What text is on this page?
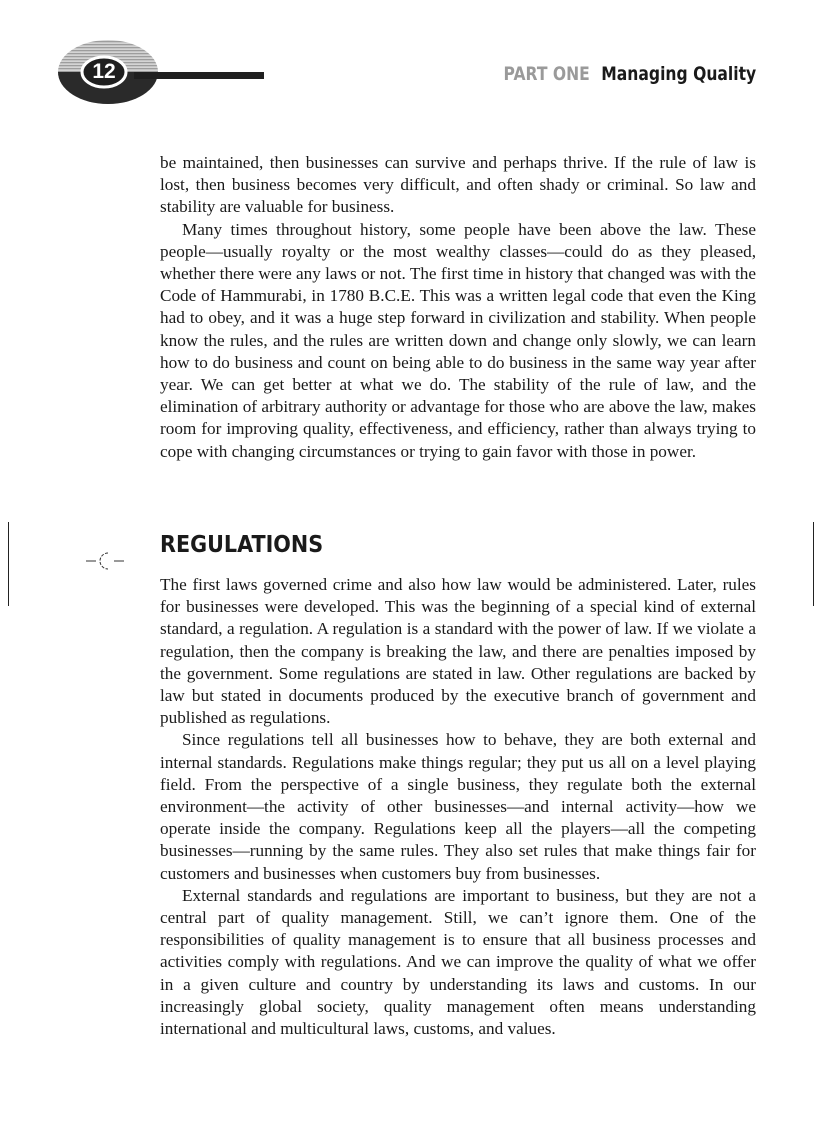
12	PART ONE Managing Quality

be maintained, then businesses can survive and perhaps thrive. If the rule of law is lost, then business becomes very difficult, and often shady or criminal. So law and stability are valuable for business.

Many times throughout history, some people have been above the law. These people—usually royalty or the most wealthy classes—could do as they pleased, whether there were any laws or not. The first time in history that changed was with the Code of Hammurabi, in 1780 B.C.E. This was a written legal code that even the King had to obey, and it was a huge step forward in civilization and stability. When people know the rules, and the rules are written down and change only slowly, we can learn how to do business and count on being able to do business in the same way year after year. We can get better at what we do. The stability of the rule of law, and the elimination of arbitrary authority or advantage for those who are above the law, makes room for improving quality, effectiveness, and efficiency, rather than always trying to cope with changing circumstances or trying to gain favor with those in power.

REGULATIONS

The first laws governed crime and also how law would be administered. Later, rules for businesses were developed. This was the beginning of a special kind of external standard, a regulation. A regulation is a standard with the power of law. If we violate a regulation, then the company is breaking the law, and there are penalties imposed by the government. Some regulations are stated in law. Other regulations are backed by law but stated in documents produced by the executive branch of government and published as regulations.

Since regulations tell all businesses how to behave, they are both external and internal standards. Regulations make things regular; they put us all on a level playing field. From the perspective of a single business, they regulate both the external environment—the activity of other businesses—and internal activity—how we operate inside the company. Regulations keep all the players—all the competing businesses—running by the same rules. They also set rules that make things fair for customers and businesses when customers buy from businesses.

External standards and regulations are important to business, but they are not a central part of quality management. Still, we can’t ignore them. One of the responsibilities of quality management is to ensure that all business processes and activities comply with regulations. And we can improve the quality of what we offer in a given culture and country by understanding its laws and customs. In our increasingly global society, quality management often means understanding international and multicultural laws, customs, and values.
